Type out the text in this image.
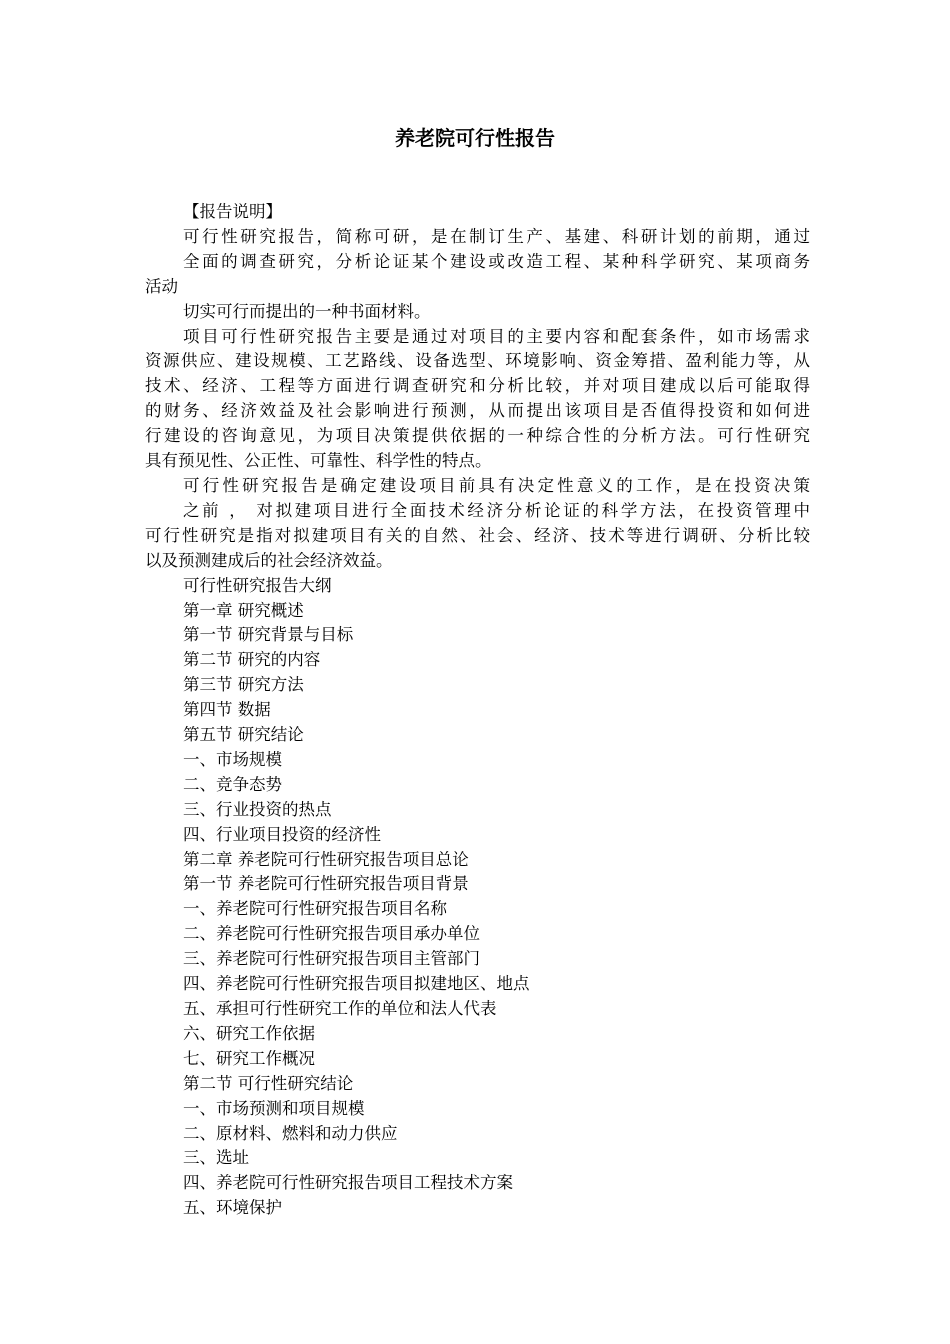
养老院可行性报告

【报告说明】

可行性研究报告，简称可研，是在制订生产、基建、科研计划的前期，通过

全面的调查研究，分析论证某个建设或改造工程、某种科学研究、某项商务

活动

切实可行而提出的一种书面材料。

项目可行性研究报告主要是通过对项目的主要内容和配套条件，如市场需求

资源供应、建设规模、工艺路线、设备选型、环境影响、资金筹措、盈利能力等，从

技术、经济、工程等方面进行调查研究和分析比较，并对项目建成以后可能取得

的财务、经济效益及社会影响进行预测，从而提出该项目是否值得投资和如何进

行建设的咨询意见，为项目决策提供依据的一种综合性的分析方法。可行性研究

具有预见性、公正性、可靠性、科学性的特点。

可行性研究报告是确定建设项目前具有决定性意义的工作，是在投资决策

之前 ， 对拟建项目进行全面技术经济分析论证的科学方法，在投资管理中

可行性研究是指对拟建项目有关的自然、社会、经济、技术等进行调研、分析比较

以及预测建成后的社会经济效益。

可行性研究报告大纲

第一章 研究概述

第一节 研究背景与目标

第二节 研究的内容

第三节 研究方法

第四节 数据

第五节 研究结论

一、市场规模

二、竞争态势

三、行业投资的热点

四、行业项目投资的经济性

第二章 养老院可行性研究报告项目总论

第一节 养老院可行性研究报告项目背景

一、养老院可行性研究报告项目名称

二、养老院可行性研究报告项目承办单位

三、养老院可行性研究报告项目主管部门

四、养老院可行性研究报告项目拟建地区、地点

五、承担可行性研究工作的单位和法人代表

六、研究工作依据

七、研究工作概况

第二节 可行性研究结论

一、市场预测和项目规模

二、原材料、燃料和动力供应

三、选址

四、养老院可行性研究报告项目工程技术方案

五、环境保护
